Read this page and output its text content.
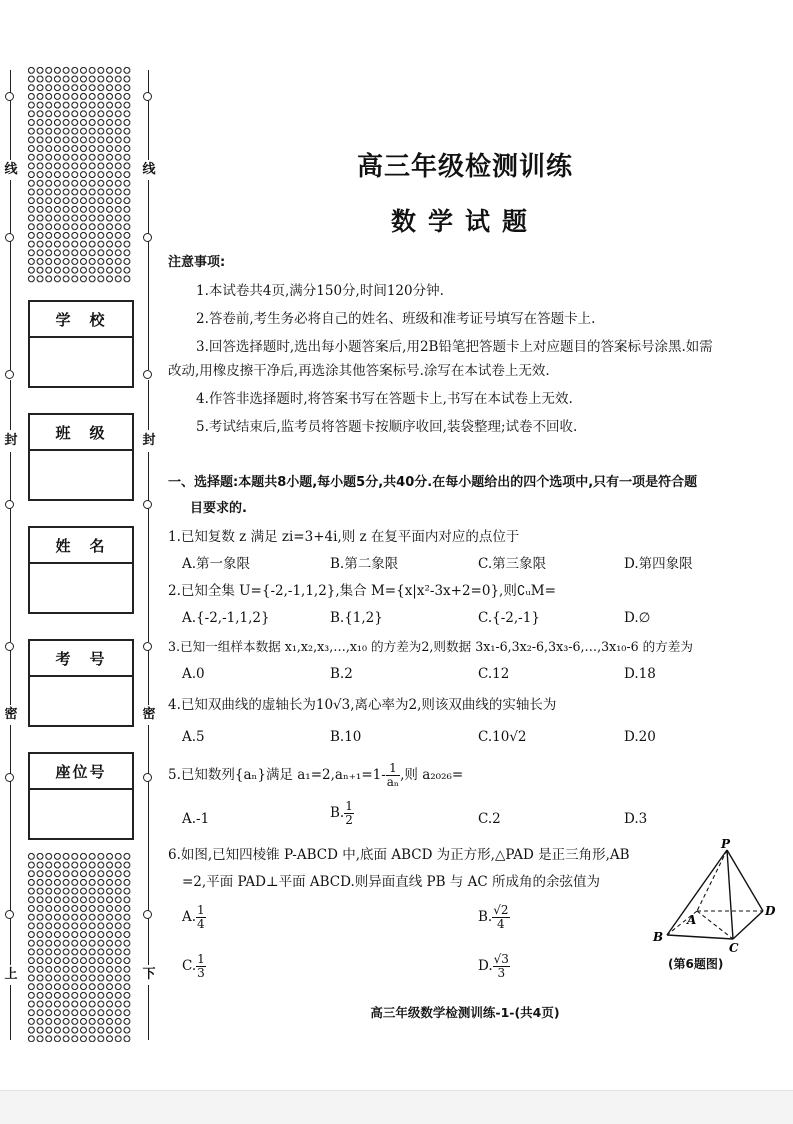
线
封
密
上
线
封
密
下
学　校
班　级
姓　名
考　号
座位号
高三年级检测训练
数学试题
注意事项:
1.本试卷共4页,满分150分,时间120分钟.
2.答卷前,考生务必将自己的姓名、班级和准考证号填写在答题卡上.
3.回答选择题时,选出每小题答案后,用2B铅笔把答题卡上对应题目的答案标号涂黑.如需
改动,用橡皮擦干净后,再选涂其他答案标号.涂写在本试卷上无效.
4.作答非选择题时,将答案书写在答题卡上,书写在本试卷上无效.
5.考试结束后,监考员将答题卡按顺序收回,装袋整理;试卷不回收.
一、选择题:本题共8小题,每小题5分,共40分.在每小题给出的四个选项中,只有一项是符合题
目要求的.
1.已知复数 z 满足 zi=3+4i,则 z 在复平面内对应的点位于
A.第一象限	B.第二象限	C.第三象限	D.第四象限
2.已知全集 U={-2,-1,1,2},集合 M={x|x²-3x+2=0},则∁ᵤM=
A.{-2,-1,1,2}	B.{1,2}	C.{-2,-1}	D.∅
3.已知一组样本数据 x₁,x₂,x₃,…,x₁₀ 的方差为2,则数据 3x₁-6,3x₂-6,3x₃-6,…,3x₁₀-6 的方差为
A.0	B.2	C.12	D.18
4.已知双曲线的虚轴长为10√3,离心率为2,则该双曲线的实轴长为
A.5	B.10	C.10√2	D.20
5.已知数列{aₙ}满足 $a_1=2,a_{n+1}=1- \frac{1}{\text{aₙ}}$ ,则 a₂₀₂₆=
A.-1	B. $\frac{1}{2}$	C.2	D.3
6.如图,已知四棱锥 P-ABCD 中,底面 ABCD 为正方形,△PAD 是正三角形,AB
=2,平面 PAD⊥平面 ABCD.则异面直线 PB 与 AC 所成角的余弦值为
A. $\frac{1}{4}$	B. $\frac{√2}{4}$
C. $\frac{1}{3}$	D. $\frac{√3}{3}$
P
A
B
C
D
(第6题图)
高三年级数学检测训练-1-(共4页)
